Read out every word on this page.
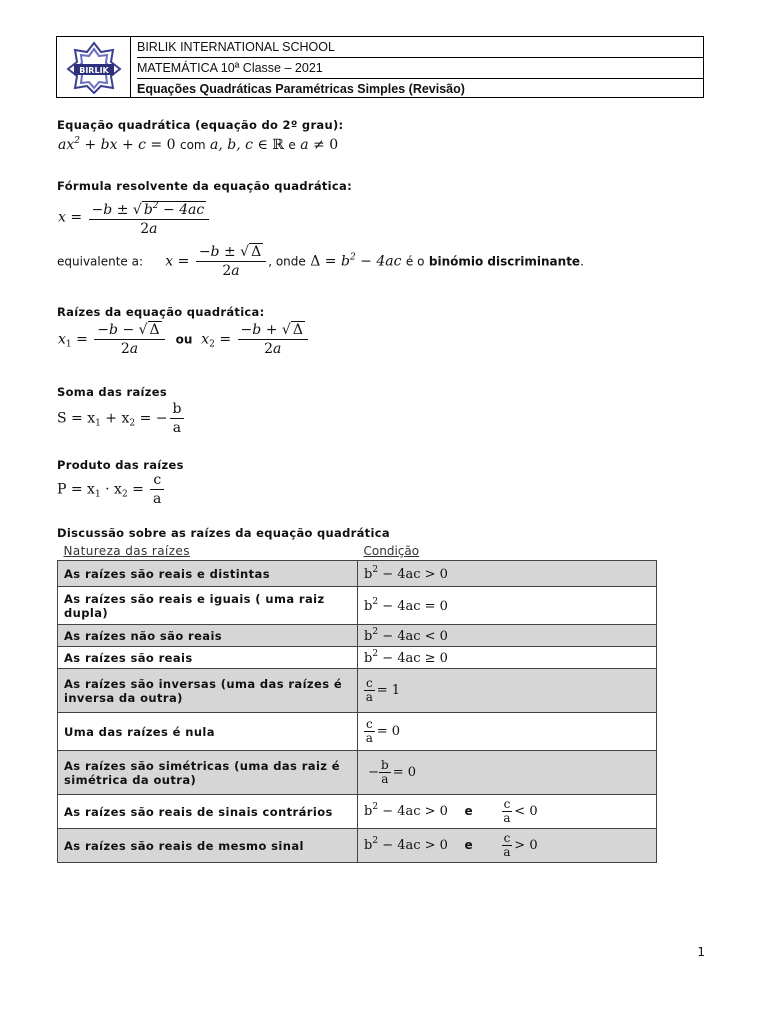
BIRLIK
BIRLIK INTERNATIONAL SCHOOL
MATEMÁTICA 10ª Classe – 2021
Equações Quadráticas Paramétricas Simples (Revisão)
Equação quadrática (equação do 2º grau):
$ax^2$ + bx + c = 0 com a, b, c ∈ ℝ e a ≠ 0
Fórmula resolvente da equação quadrática:
$x = \frac{-b \pm √ b^2 - 4ac}{2a}$
equivalente a:     $x = \frac{-b \pm √ \Delta}{2a}$ , onde $\Delta = b^2 - 4ac$ é o binómio discriminante.
Raízes da equação quadrática:
$x_1 = \frac{-b - √ \Delta}{2a}$ ou  $x_2 = \frac{-b + √ \Delta}{2a}$
Soma das raízes
$S = x_1 + x_2$ = − $\frac{b}{a}$
Produto das raízes
$P = x_1 \cdot x_2 = \frac{c}{a}$
Discussão sobre as raízes da equação quadrática
Natureza das raízes	Condição
As raízes são reais e distintas	$b^2 - 4ac > 0$
As raízes são reais e iguais ( uma raiz dupla)	$b^2 - 4ac = 0$
As raízes não são reais	$b^2 - 4ac < 0$
As raízes são reais	$b^2 - 4ac \ge 0$
As raízes são inversas (uma das raízes é inversa da outra)	$\frac{c}{a} = 1$
Uma das raízes é nula	$\frac{c}{a} = 0$
As raízes são simétricas (uma das raiz é simétrica da outra)	− $\frac{b}{a} = 0$
As raízes são reais de sinais contrários	$b^2 - 4ac > 0$    e $\frac{c}{a} < 0$
As raízes são reais de mesmo sinal	$b^2 - 4ac > 0$    e $\frac{c}{a} > 0$
1
